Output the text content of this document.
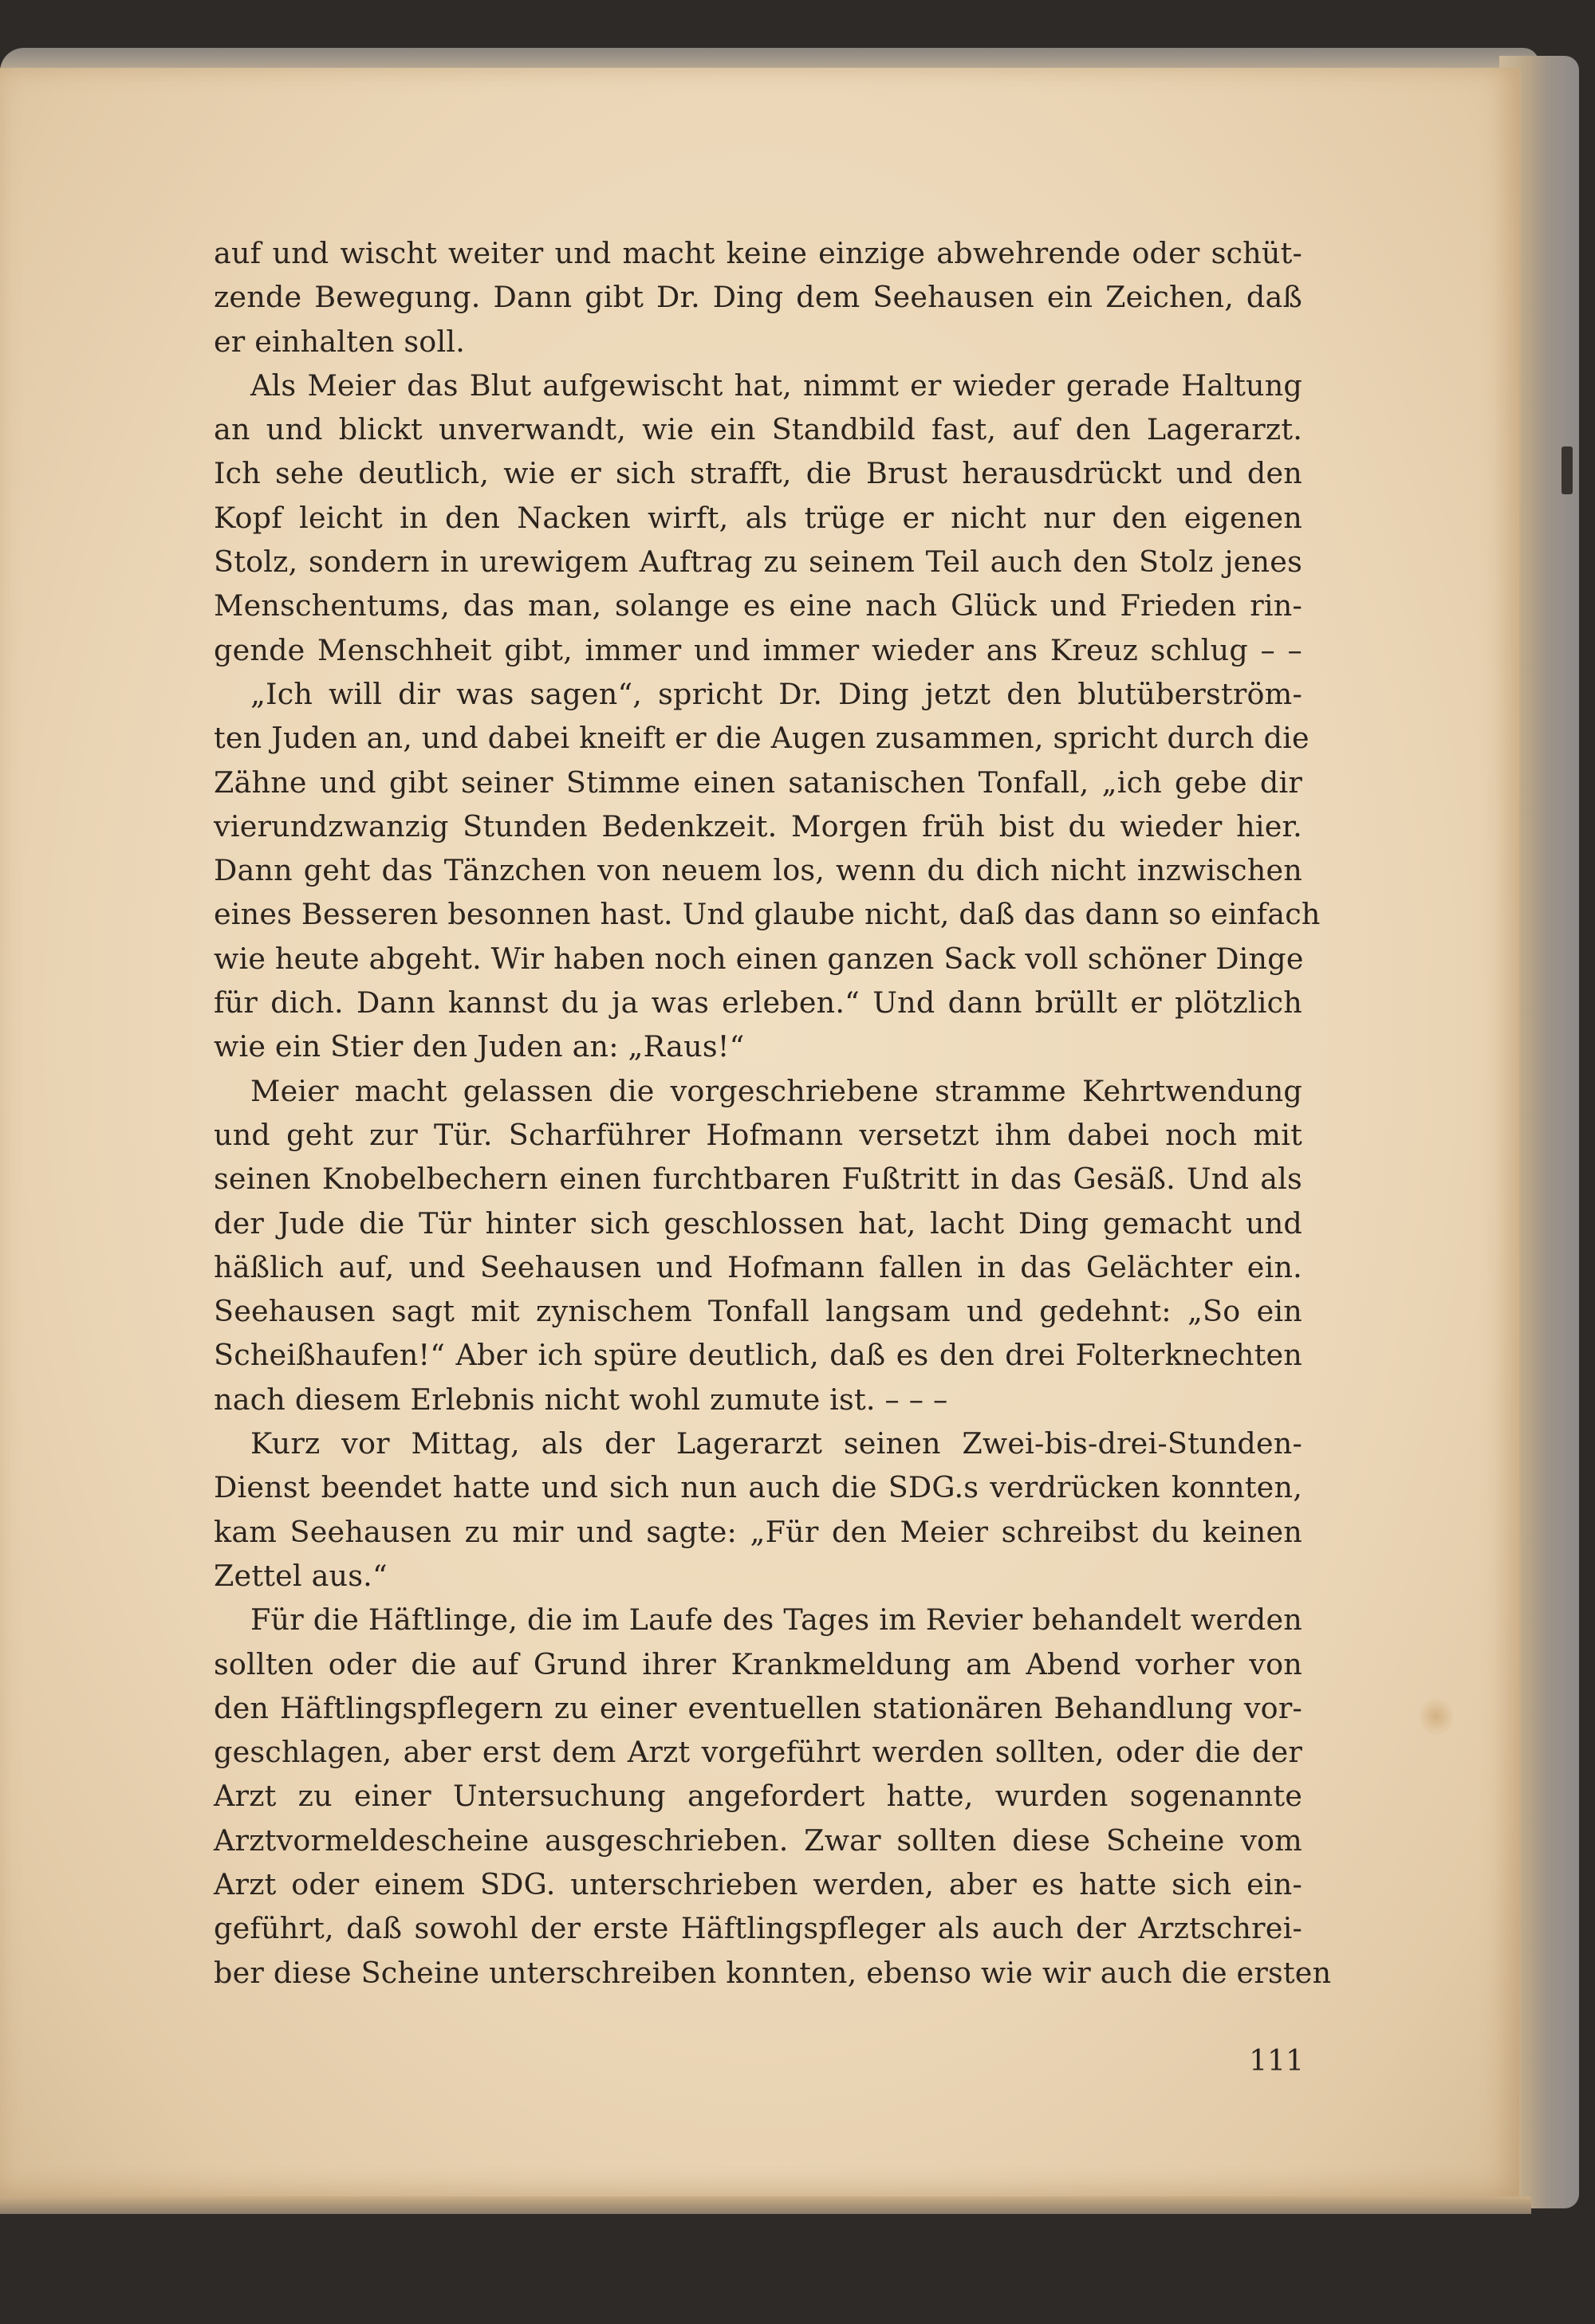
auf und wischt weiter und macht keine einzige abwehrende oder schüt-
zende Bewegung. Dann gibt Dr. Ding dem Seehausen ein Zeichen, daß
er einhalten soll.
Als Meier das Blut aufgewischt hat, nimmt er wieder gerade Haltung
an und blickt unverwandt, wie ein Standbild fast, auf den Lagerarzt.
Ich sehe deutlich, wie er sich strafft, die Brust herausdrückt und den
Kopf leicht in den Nacken wirft, als trüge er nicht nur den eigenen
Stolz, sondern in urewigem Auftrag zu seinem Teil auch den Stolz jenes
Menschentums, das man, solange es eine nach Glück und Frieden rin-
gende Menschheit gibt, immer und immer wieder ans Kreuz schlug – –
„Ich will dir was sagen“, spricht Dr. Ding jetzt den blutüberström-
ten Juden an, und dabei kneift er die Augen zusammen, spricht durch die
Zähne und gibt seiner Stimme einen satanischen Tonfall, „ich gebe dir
vierundzwanzig Stunden Bedenkzeit. Morgen früh bist du wieder hier.
Dann geht das Tänzchen von neuem los, wenn du dich nicht inzwischen
eines Besseren besonnen hast. Und glaube nicht, daß das dann so einfach
wie heute abgeht. Wir haben noch einen ganzen Sack voll schöner Dinge
für dich. Dann kannst du ja was erleben.“ Und dann brüllt er plötzlich
wie ein Stier den Juden an: „Raus!“
Meier macht gelassen die vorgeschriebene stramme Kehrtwendung
und geht zur Tür. Scharführer Hofmann versetzt ihm dabei noch mit
seinen Knobelbechern einen furchtbaren Fußtritt in das Gesäß. Und als
der Jude die Tür hinter sich geschlossen hat, lacht Ding gemacht und
häßlich auf, und Seehausen und Hofmann fallen in das Gelächter ein.
Seehausen sagt mit zynischem Tonfall langsam und gedehnt: „So ein
Scheißhaufen!“ Aber ich spüre deutlich, daß es den drei Folterknechten
nach diesem Erlebnis nicht wohl zumute ist. – – –
Kurz vor Mittag, als der Lagerarzt seinen Zwei-bis-drei-Stunden-
Dienst beendet hatte und sich nun auch die SDG.s verdrücken konnten,
kam Seehausen zu mir und sagte: „Für den Meier schreibst du keinen
Zettel aus.“
Für die Häftlinge, die im Laufe des Tages im Revier behandelt werden
sollten oder die auf Grund ihrer Krankmeldung am Abend vorher von
den Häftlingspflegern zu einer eventuellen stationären Behandlung vor-
geschlagen, aber erst dem Arzt vorgeführt werden sollten, oder die der
Arzt zu einer Untersuchung angefordert hatte, wurden sogenannte
Arztvormeldescheine ausgeschrieben. Zwar sollten diese Scheine vom
Arzt oder einem SDG. unterschrieben werden, aber es hatte sich ein-
geführt, daß sowohl der erste Häftlingspfleger als auch der Arztschrei-
ber diese Scheine unterschreiben konnten, ebenso wie wir auch die ersten
111
